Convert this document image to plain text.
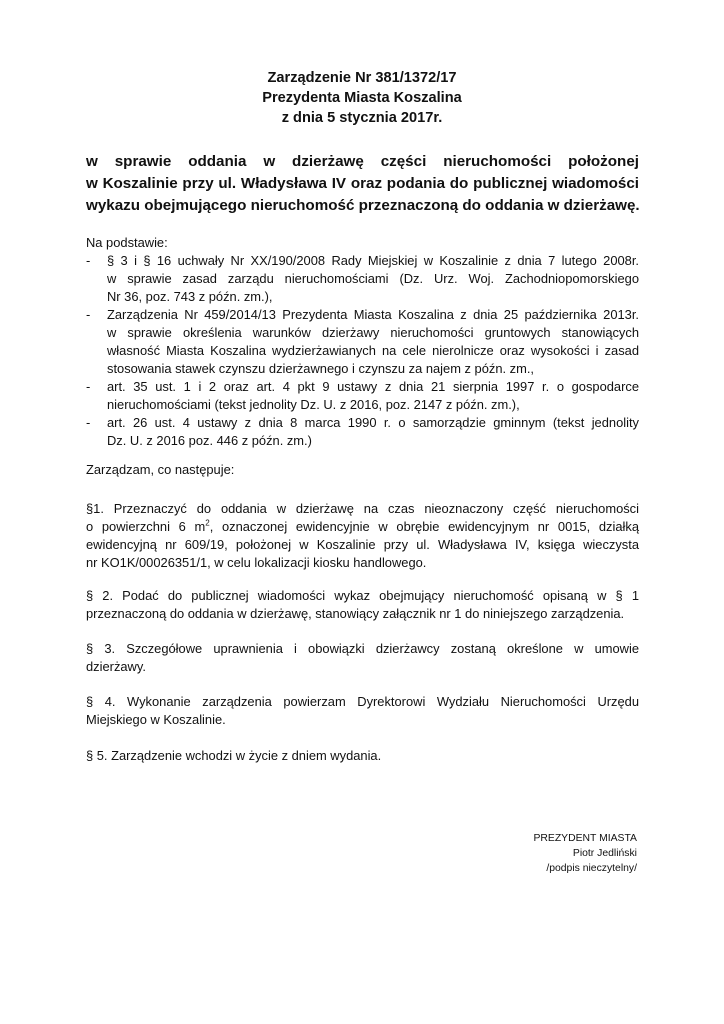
Zarządzenie Nr 381/1372/17
Prezydenta Miasta Koszalina
z dnia 5 stycznia 2017r.
w sprawie oddania w dzierżawę części nieruchomości położonej
w Koszalinie przy ul. Władysława IV oraz podania do publicznej wiadomości
wykazu obejmującego nieruchomość przeznaczoną do oddania w dzierżawę.
Na podstawie:
- § 3 i § 16 uchwały Nr XX/190/2008 Rady Miejskiej w Koszalinie z dnia 7 lutego 2008r.
w sprawie zasad zarządu nieruchomościami (Dz. Urz. Woj. Zachodniopomorskiego
Nr 36, poz. 743 z późn. zm.),
- Zarządzenia Nr 459/2014/13 Prezydenta Miasta Koszalina z dnia 25 października 2013r.
w sprawie określenia warunków dzierżawy nieruchomości gruntowych stanowiących
własność Miasta Koszalina wydzierżawianych na cele nierolnicze oraz wysokości i zasad
stosowania stawek czynszu dzierżawnego i czynszu za najem z późn. zm.,
- art. 35 ust. 1 i 2 oraz art. 4 pkt 9 ustawy z dnia 21 sierpnia 1997 r. o gospodarce
nieruchomościami (tekst jednolity Dz. U. z 2016, poz. 2147 z późn. zm.),
- art. 26 ust. 4 ustawy z dnia 8 marca 1990 r. o samorządzie gminnym (tekst jednolity
Dz. U. z 2016 poz. 446 z późn. zm.)
Zarządzam, co następuje:
§1. Przeznaczyć do oddania w dzierżawę na czas nieoznaczony część nieruchomości
o powierzchni 6 $m^2$, oznaczonej ewidencyjnie w obrębie ewidencyjnym nr 0015, działką
ewidencyjną nr 609/19, położonej w Koszalinie przy ul. Władysława IV, księga wieczysta
nr KO1K/00026351/1, w celu lokalizacji kiosku handlowego.
§ 2. Podać do publicznej wiadomości wykaz obejmujący nieruchomość opisaną w § 1
przeznaczoną do oddania w dzierżawę, stanowiący załącznik nr 1 do niniejszego zarządzenia.
§ 3. Szczegółowe uprawnienia i obowiązki dzierżawcy zostaną określone w umowie
dzierżawy.
§ 4. Wykonanie zarządzenia powierzam Dyrektorowi Wydziału Nieruchomości Urzędu
Miejskiego w Koszalinie.
§ 5. Zarządzenie wchodzi w życie z dniem wydania.
PREZYDENT MIASTA
Piotr Jedliński
/podpis nieczytelny/
